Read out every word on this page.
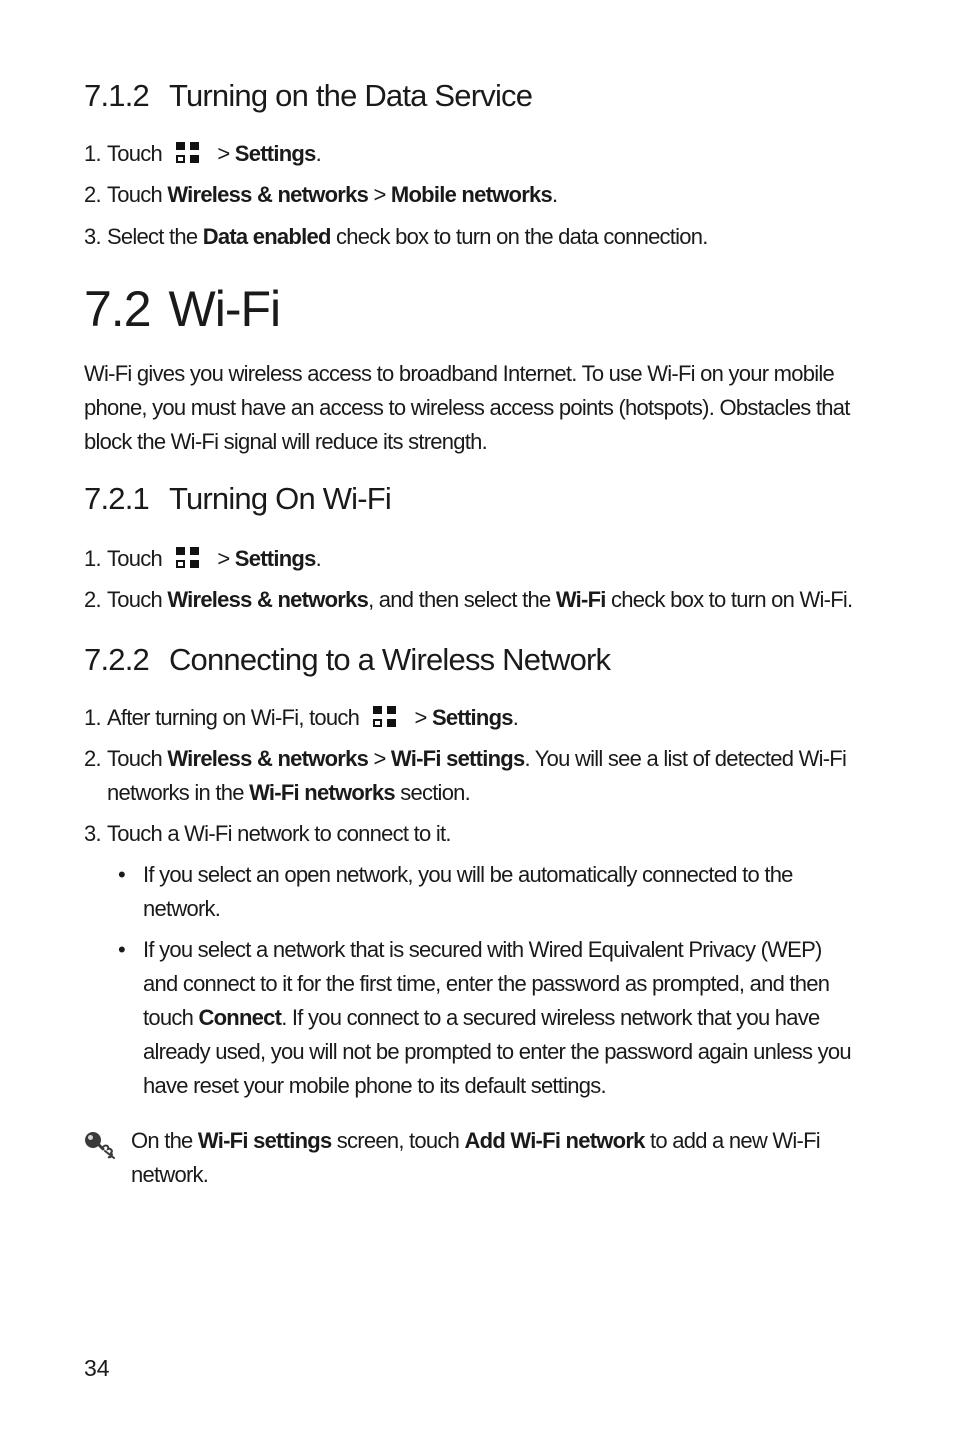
7.1.2 Turning on the Data Service
1. Touch
> Settings.
2. Touch Wireless & networks > Mobile networks.
3. Select the Data enabled check box to turn on the data connection.
7.2 Wi-Fi
Wi-Fi gives you wireless access to broadband Internet. To use Wi-Fi on your mobile
phone, you must have an access to wireless access points (hotspots). Obstacles that
block the Wi-Fi signal will reduce its strength.
7.2.1 Turning On Wi-Fi
1. Touch
> Settings.
2. Touch Wireless & networks, and then select the Wi-Fi check box to turn on Wi-Fi.
7.2.2 Connecting to a Wireless Network
1. After turning on Wi-Fi, touch
> Settings.
2. Touch Wireless & networks > Wi-Fi settings. You will see a list of detected Wi-Fi
networks in the Wi-Fi networks section.
3. Touch a Wi-Fi network to connect to it.
• If you select an open network, you will be automatically connected to the
network.
• If you select a network that is secured with Wired Equivalent Privacy (WEP)
and connect to it for the first time, enter the password as prompted, and then
touch Connect. If you connect to a secured wireless network that you have
already used, you will not be prompted to enter the password again unless you
have reset your mobile phone to its default settings.
On the Wi-Fi settings screen, touch Add Wi-Fi network to add a new Wi-Fi
network.
34
